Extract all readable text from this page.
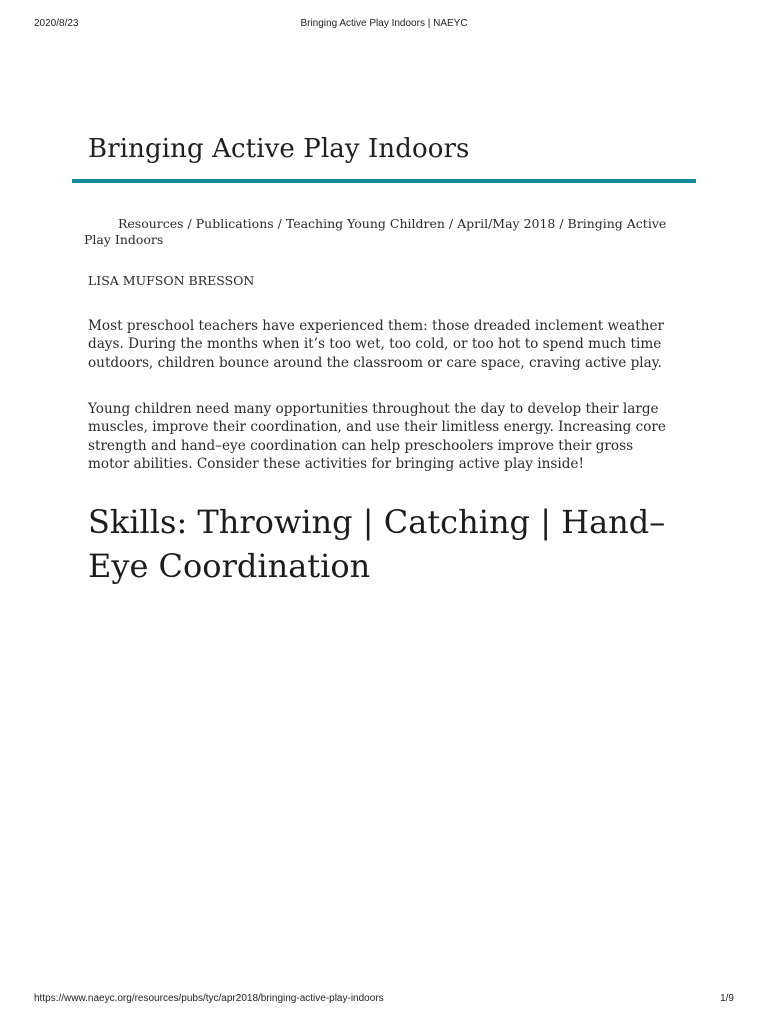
2020/8/23	Bringing Active Play Indoors | NAEYC
Bringing Active Play Indoors
Resources / Publications / Teaching Young Children / April/May 2018 / Bringing Active Play Indoors
LISA MUFSON BRESSON

Most preschool teachers have experienced them: those dreaded inclement weather days. During the months when it’s too wet, too cold, or too hot to spend much time outdoors, children bounce around the classroom or care space, craving active play.

Young children need many opportunities throughout the day to develop their large muscles, improve their coordination, and use their limitless energy. Increasing core strength and hand–eye coordination can help preschoolers improve their gross motor abilities. Consider these activities for bringing active play inside!

Skills: Throwing | Catching | Hand–Eye Coordination
https://www.naeyc.org/resources/pubs/tyc/apr2018/bringing-active-play-indoors	1/9
